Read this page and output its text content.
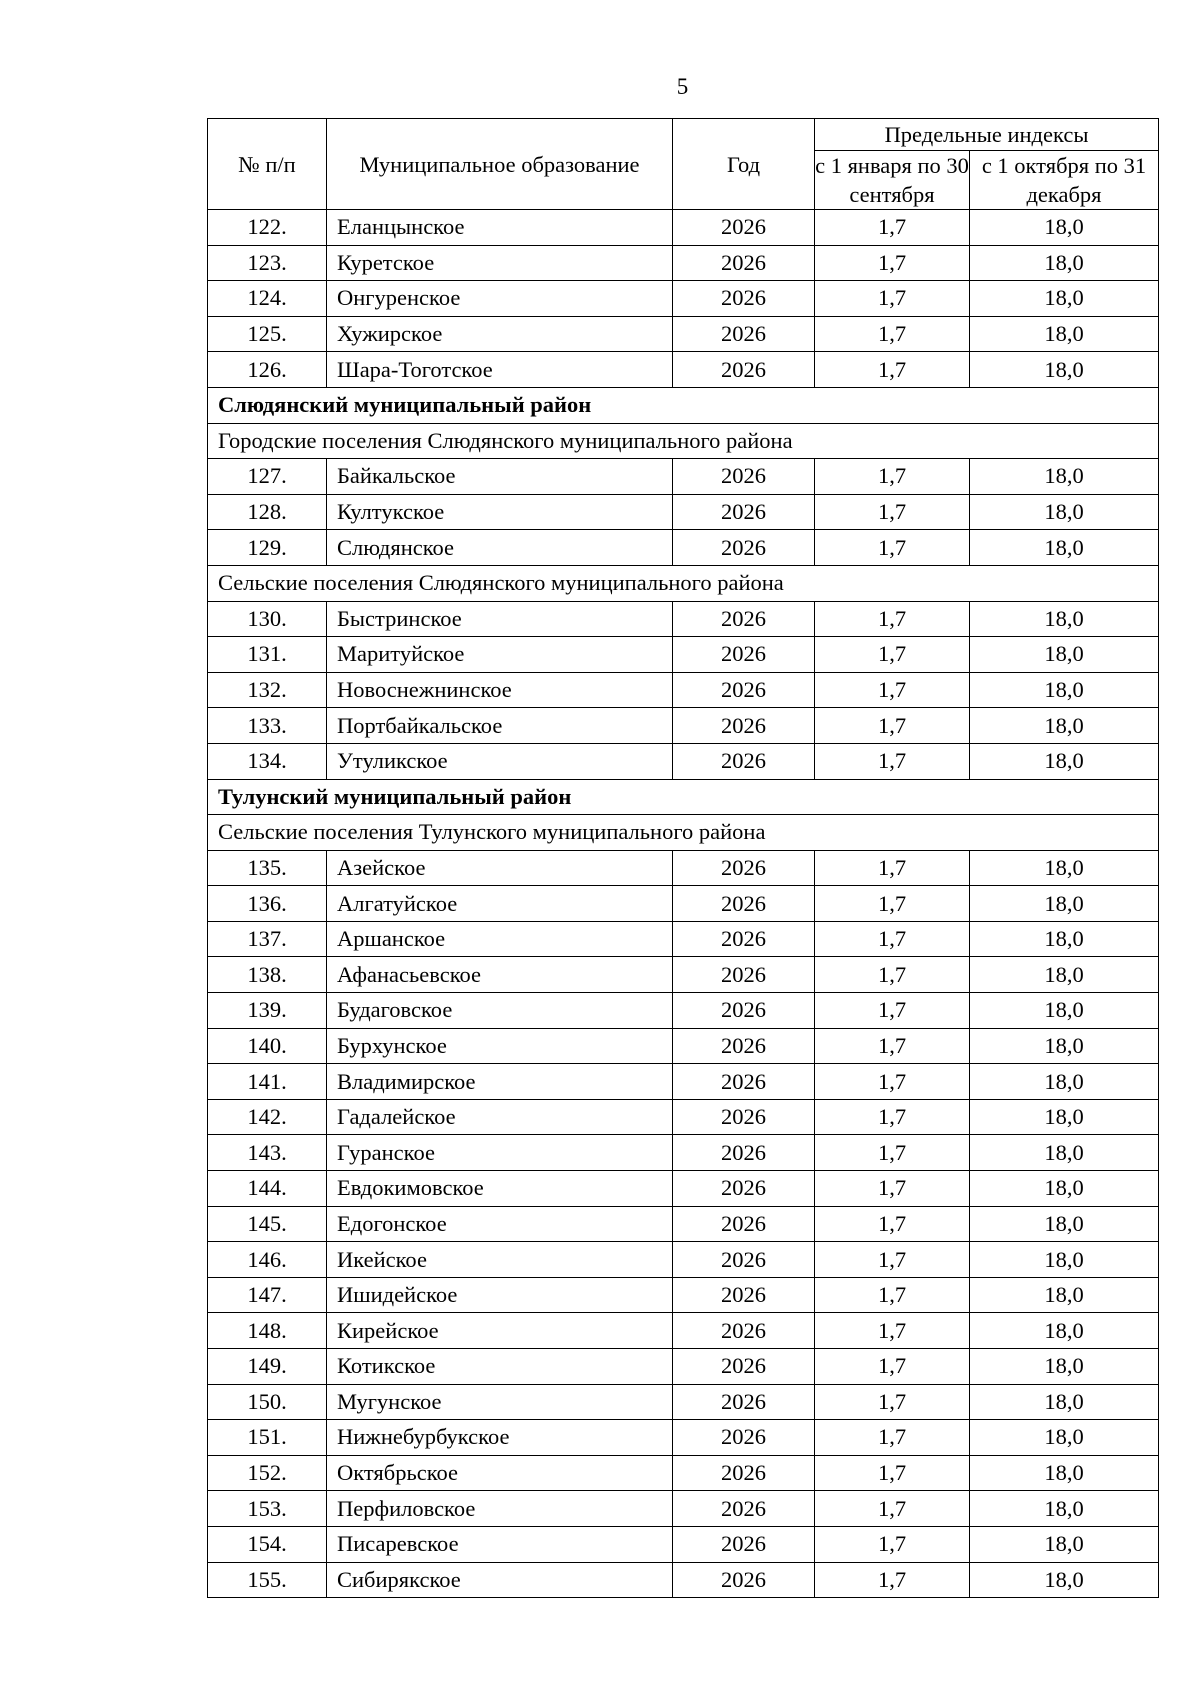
5
№ п/п	Муниципальное образование	Год	Предельные индексы	
			с 1 января по 30 сентября	с 1 октября по 31 декабря
122.	Еланцынское	2026	1,7	18,0
123.	Куретское	2026	1,7	18,0
124.	Онгуренское	2026	1,7	18,0
125.	Хужирское	2026	1,7	18,0
126.	Шара-Тоготское	2026	1,7	18,0
Слюдянский муниципальный район				
Городские поселения Слюдянского муниципального района				
127.	Байкальское	2026	1,7	18,0
128.	Култукское	2026	1,7	18,0
129.	Слюдянское	2026	1,7	18,0
Сельские поселения Слюдянского муниципального района				
130.	Быстринское	2026	1,7	18,0
131.	Маритуйское	2026	1,7	18,0
132.	Новоснежнинское	2026	1,7	18,0
133.	Портбайкальское	2026	1,7	18,0
134.	Утуликское	2026	1,7	18,0
Тулунский муниципальный район				
Сельские поселения Тулунского муниципального района				
135.	Азейское	2026	1,7	18,0
136.	Алгатуйское	2026	1,7	18,0
137.	Аршанское	2026	1,7	18,0
138.	Афанасьевское	2026	1,7	18,0
139.	Будаговское	2026	1,7	18,0
140.	Бурхунское	2026	1,7	18,0
141.	Владимирское	2026	1,7	18,0
142.	Гадалейское	2026	1,7	18,0
143.	Гуранское	2026	1,7	18,0
144.	Евдокимовское	2026	1,7	18,0
145.	Едогонское	2026	1,7	18,0
146.	Икейское	2026	1,7	18,0
147.	Ишидейское	2026	1,7	18,0
148.	Кирейское	2026	1,7	18,0
149.	Котикское	2026	1,7	18,0
150.	Мугунское	2026	1,7	18,0
151.	Нижнебурбукское	2026	1,7	18,0
152.	Октябрьское	2026	1,7	18,0
153.	Перфиловское	2026	1,7	18,0
154.	Писаревское	2026	1,7	18,0
155.	Сибирякское	2026	1,7	18,0
